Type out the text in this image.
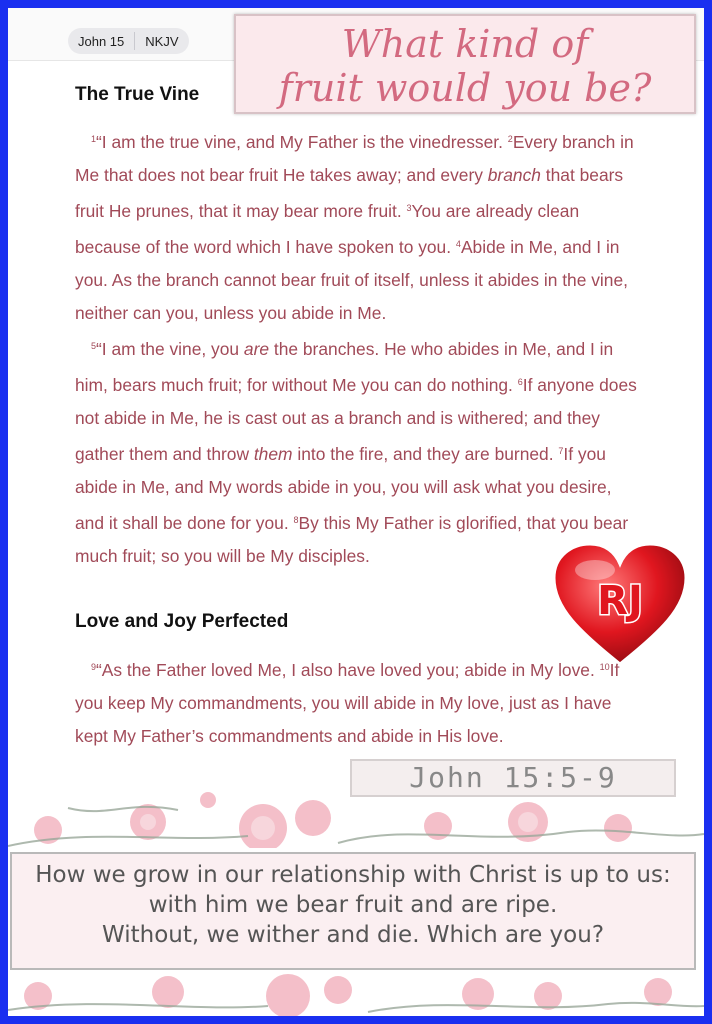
John 15 NKJV
The True Vine
What kind of
fruit would you be?

$^1$“I am the true vine, and My Father is the vinedresser. $^2$Every branch in Me that does not bear fruit He takes away; and every branch that bears fruit He prunes, that it may bear more fruit. $^3$You are already clean because of the word which I have spoken to you. $^4$Abide in Me, and I in you. As the branch cannot bear fruit of itself, unless it abides in the vine, neither can you, unless you abide in Me.

$^5$“I am the vine, you are the branches. He who abides in Me, and I in him, bears much fruit; for without Me you can do nothing. $^6$If anyone does not abide in Me, he is cast out as a branch and is withered; and they gather them and throw them into the fire, and they are burned. $^7$If you abide in Me, and My words abide in you, you will ask what you desire, and it shall be done for you. $^8$By this My Father is glorified, that you bear much fruit; so you will be My disciples.

Love and Joy Perfected

$^9$“As the Father loved Me, I also have loved you; abide in My love. $^{10}$If you keep My commandments, you will abide in My love, just as I have kept My Father’s commandments and abide in His love.

RJ
John 15:5-9
How we grow in our relationship with Christ is up to us:
with him we bear fruit and are ripe.
Without, we wither and die. Which are you?
